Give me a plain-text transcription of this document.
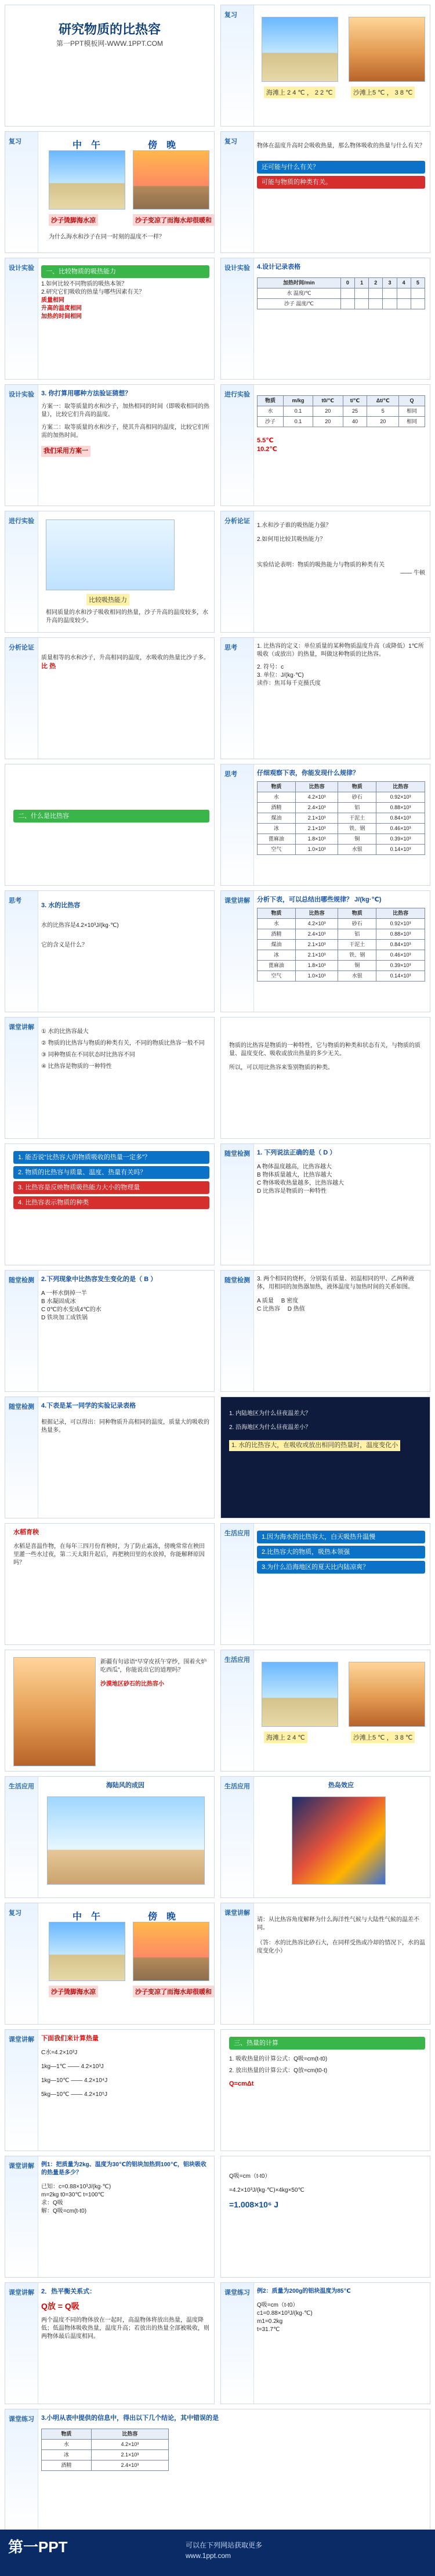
研究物质的比热容
第一PPT模板网-WWW.1PPT.COM
复习
海滩上 2 4 ℃ ， 2 2 ℃	沙滩上5 ℃ ， 3 8 ℃
复习	中　午	傍　晚
沙子烫脚海水凉	沙子变凉了而海水却很暖和
为什么海水和沙子在同一时刻的温度不一样？
复习
物体在温度升高时会吸收热量，那么物体吸收的热量与什么有关？
还可能与什么有关？
可能与物质的种类有关。
设计实验	一、比较物质的吸热能力
1.如何比较不同物质的吸热本领？
2.研究它们吸收的热量与哪些因素有关？
质量相同
升高的温度相同
加热的时间相同
设计实验 4.设计记录表格
加热时间/min	0	1	2	3	4	5
水 温度/℃						
沙子 温度/℃						
设计实验 3. 你打算用哪种方法验证猜想？
方案一：取等质量的水和沙子，加热相同的时间（即吸收相同的热量），比较它们升高的温度。
方案二：取等质量的水和沙子，使其升高相同的温度，比较它们所需的加热时间。
我们采用方案一
进行实验
物质	m/kg	t0/℃	t/℃	Δt/℃	Q
水	0.1	20	25	5	相同
沙子	0.1	20	40	20	相同
5.5℃
10.2℃
进行实验
比较吸热能力
相同质量的水和沙子吸收相同的热量，沙子升高的温度较多，水升高的温度较少。
分析论证
1.水和沙子谁的吸热能力强？
2.如何用比较其吸热能力？
实验结论表明：物质的吸热能力与物质的种类有关
—— 牛顿
分析论证
质量相等的水和沙子，升高相同的温度，水吸收的热量比沙子多。
比 热
思考	1. 比热容的定义：单位质量的某种物质温度升高（或降低）1℃所吸收（或放出）的热量，叫做这种物质的比热容。
2. 符号：c
3. 单位：J/(kg·℃)
读作：焦耳每千克摄氏度
二、什么是比热容
思考	仔细观察下表，你能发现什么规律？
物质	比热容	物质	比热容
水	4.2×10³	砂石	0.92×10³
酒精	2.4×10³	铝	0.88×10³
煤油	2.1×10³	干泥土	0.84×10³
冰	2.1×10³	铁、钢	0.46×10³
蓖麻油	1.8×10³	铜	0.39×10³
空气	1.0×10³	水银	0.14×10³
思考
3. 水的比热容
水的比热容是4.2×10³J/(kg·℃)
它的含义是什么？
课堂讲解 分析下表，可以总结出哪些规律？ J/(kg·℃)
物质	比热容	物质	比热容
水	4.2×10³	砂石	0.92×10³
酒精	2.4×10³	铝	0.88×10³
煤油	2.1×10³	干泥土	0.84×10³
冰	2.1×10³	铁、钢	0.46×10³
蓖麻油	1.8×10³	铜	0.39×10³
空气	1.0×10³	水银	0.14×10³
课堂讲解
① 水的比热容最大
② 物质的比热容与物质的种类有关，不同的物质比热容一般不同
③ 同种物质在不同状态时比热容不同
④ 比热容是物质的一种特性
物质的比热容是物质的一种特性，它与物质的种类和状态有关，与物质的质量、温度变化、吸收或放出热量的多少无关。
所以，可以用比热容来鉴别物质的种类。
1. 能否说“比热容大的物质吸收的热量一定多”？
2. 物质的比热容与质量、温度、热量有关吗？
3. 比热容是反映物质吸热能力大小的物理量
4. 比热容表示物质的种类
随堂检测 1. 下列说法正确的是（ D ）
A 物体温度越高，比热容越大
B 物体质量越大，比热容越大
C 物体吸收热量越多，比热容越大
D 比热容是物质的一种特性
随堂检测 2.下列现象中比热容发生变化的是（ B ）
A 一杯水倒掉一半
B 水凝固成冰
C 0℃的水变成4℃的水
D 铁块加工成铁锅
随堂检测 3. 两个相同的烧杯，分别装有质量、初温相同的甲、乙两种液体，用相同的加热器加热，液体温度与加热时间的关系如图。
A 质量 B 密度
C 比热容 D 热值
随堂检测 4.下表是某一同学的实验记录表格
根据记录，可以得出：同种物质升高相同的温度，质量大的吸收的热量多。
1. 内陆地区为什么昼夜温差大？
2. 沿海地区为什么昼夜温差小？
1. 水的比热容大，在吸收或放出相同的热量时，温度变化小
水稻育秧
水稻是喜温作物，在每年三四月份育秧时，为了防止霜冻，傍晚常常在秧田里灌一些水过夜，第二天太阳升起后，再把秧田里的水放掉，你能解释原因吗？
生活应用	1.因为海水的比热容大，白天吸热升温慢
2.比热容大的物质，吸热本领强
3.为什么沿海地区的夏天比内陆凉爽？
新疆有句谚语“早穿皮袄午穿纱，围着火炉吃西瓜”，你能说出它的道理吗？
沙漠地区砂石的比热容小
生活应用
海滩上 2 4 ℃	沙滩上5 ℃ ， 3 8 ℃
生活应用	海陆风的成因	生活应用	热岛效应
复习	中　午	傍　晚
沙子烫脚海水凉	沙子变凉了而海水却很暖和
课堂讲解
请：从比热容角度解释为什么海洋性气候与大陆性气候的温差不同。
（答：水的比热容比砂石大，在同样受热或冷却的情况下，水的温度变化小）
课堂讲解 下面我们来计算热量
C水=4.2×10³J
1kg—1℃ —— 4.2×10³J
1kg—10℃ —— 4.2×10⁴J
5kg—10℃ —— 4.2×10⁵J
三、热量的计算
1. 吸收热量的计算公式：Q吸=cm(t-t0)
2. 放出热量的计算公式：Q放=cm(t0-t)
Q=cmΔt
课堂讲解 例1：把质量为2kg、温度为30℃的铝块加热到100℃，铝块吸收的热量是多少？
已知：c=0.88×10³J/(kg·℃)
m=2kg t0=30℃ t=100℃
求：Q吸
解：Q吸=cm(t-t0)
Q吸=cm（t-t0）
=4.2×10³J/(kg·℃)×4kg×50℃
=1.008×10⁶ J
课堂讲解 2．热平衡关系式：
Q放 = Q吸
两个温度不同的物体放在一起时，高温物体将放出热量，温度降低；低温物体吸收热量，温度升高；若放出的热量全部被吸收，则两物体最后温度相同。
课堂练习 例2：质量为200g的铝块温度为85℃
Q吸=cm（t-t0）
c1=0.88×10³J/(kg·℃)
m1=0.2kg
t=31.7℃
课堂练习 3.小明从表中提供的信息中，得出以下几个结论，其中错误的是
物质	比热容
水	4.2×10³
冰	2.1×10³
酒精	2.4×10³
第一PPT	可以在下列网站获取更多
www.1ppt.com
